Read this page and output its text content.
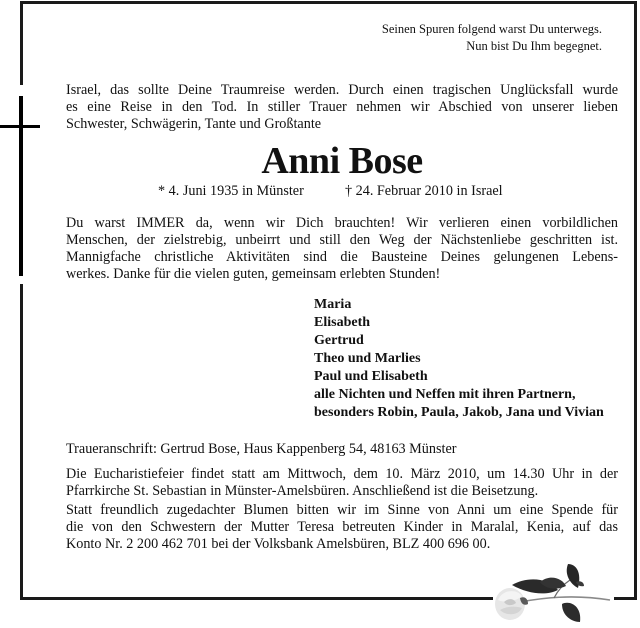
Seinen Spuren folgend warst Du unterwegs.
Nun bist Du Ihm begegnet.
Israel, das sollte Deine Traumreise werden. Durch einen tragischen Unglücksfall wurde
es eine Reise in den Tod. In stiller Trauer nehmen wir Abschied von unserer lieben
Schwester, Schwägerin, Tante und Großtante
Anni Bose
* 4. Juni 1935 in Münster	† 24. Februar 2010 in Israel
Du warst IMMER da, wenn wir Dich brauchten! Wir verlieren einen vorbildlichen
Menschen, der zielstrebig, unbeirrt und still den Weg der Nächstenliebe geschritten ist.
Mannigfache christliche Aktivitäten sind die Bausteine Deines gelungenen Lebens-
werkes. Danke für die vielen guten, gemeinsam erlebten Stunden!
Maria
Elisabeth
Gertrud
Theo und Marlies
Paul und Elisabeth
alle Nichten und Neffen mit ihren Partnern,
besonders Robin, Paula, Jakob, Jana und Vivian
Traueranschrift: Gertrud Bose, Haus Kappenberg 54, 48163 Münster
Die Eucharistiefeier findet statt am Mittwoch, dem 10. März 2010, um 14.30 Uhr in der
Pfarrkirche St. Sebastian in Münster-Amelsbüren. Anschließend ist die Beisetzung.
Statt freundlich zugedachter Blumen bitten wir im Sinne von Anni um eine Spende für
die von den Schwestern der Mutter Teresa betreuten Kinder in Maralal, Kenia, auf das
Konto Nr. 2 200 462 701 bei der Volksbank Amelsbüren, BLZ 400 696 00.
